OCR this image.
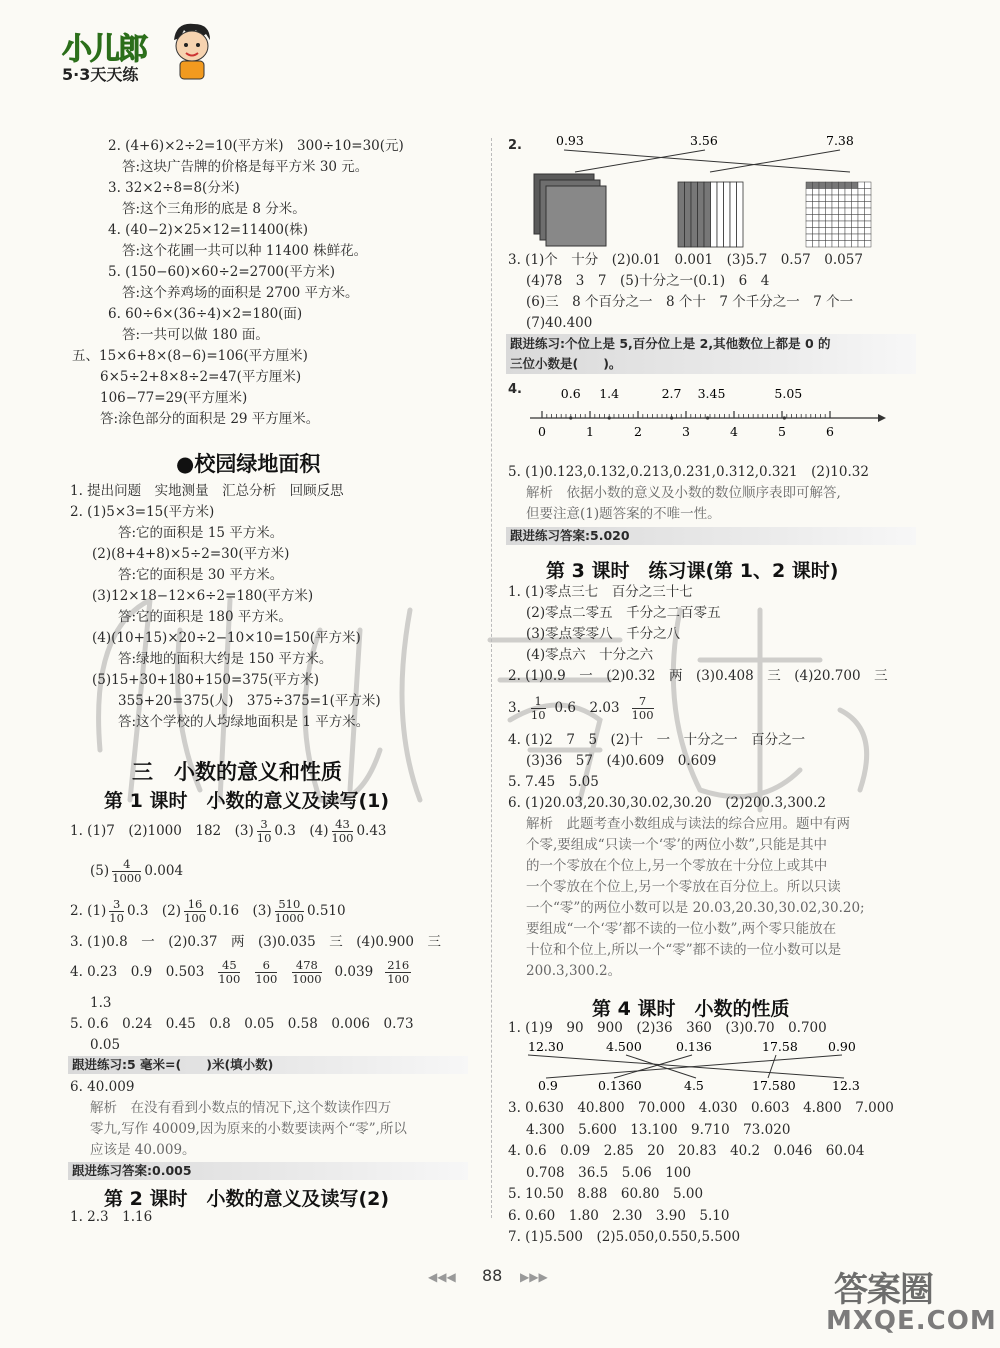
小儿郎
5·3天天练
●校园绿地面积
三　小数的意义和性质
第 1 课时　小数的意义及读写(1)
1. (1)7　(2)1000　182　$(3) \frac{3}{10} 0.3$　$(4) \frac{43}{100} 0.43$
$(5) \frac{4}{1000} 0.004$
2. $(1) \frac{3}{10} 0.3$　$(2) \frac{16}{100} 0.16$　$(3) \frac{510}{1000} 0.510$
3. (1)0.8　一　(2)0.37　两　(3)0.035　三　(4)0.900　三
4. 0.23　0.9　$0.503 \frac{45}{100} \frac{6}{100} \frac{478}{1000} 0.039 \frac{216}{100}$
1.3
5. 0.6　0.24　0.45　0.8　0.05　0.58　0.006　0.73
0.05
跟进练习:5 毫米=(　　)米(填小数)
6. 40.009
解析　在没有看到小数点的情况下,这个数读作四万
零九,写作 40009,因为原来的小数要读两个“零”,所以
应该是 40.009。
跟进练习答案:0.005
第 2 课时　小数的意义及读写(2)
1. 2.3　1.16
2.	0.93	3.56	7.38
3. (1)个　十分　(2)0.01　0.001　(3)5.7　0.57　0.057
(4)78　3　7　(5)十分之一(0.1)　6　4
(6)三　8 个百分之一　8 个十　7 个千分之一　7 个一
(7)40.400
跟进练习:个位上是 5,百分位上是 2,其他数位上都是 0 的
三位小数是(　　)。
4.
0	1	2	3	4	5	6
0.6 1.4	2.7 3.45	5.05
5. (1)0.123,0.132,0.213,0.231,0.312,0.321　(2)10.32
解析　依据小数的意义及小数的数位顺序表即可解答,
但要注意(1)题答案的不唯一性。
跟进练习答案:5.020
第 3 课时　练习课(第 1、2 课时)
1. (1)零点三七　百分之三十七
(2)零点二零五　千分之二百零五
(3)零点零零八　千分之八
(4)零点六　十分之六
2. (1)0.9　一　(2)0.32　两　(3)0.408　三　(4)20.700　三
3. $\frac{1}{10} 0.6$　$2.03 \frac{7}{100}$
第 4 课时　小数的性质
1. (1)9　90　900　(2)36　360　(3)0.70　0.700
12.30	4.500	0.136	17.58 0.90
0.9	0.1360	4.5	17.580	12.3
◀◀◀ 88 ▶▶▶	答案圈
MXQE.COM
2. (4+6)×2÷2=10(平方米)　300÷10=30(元)
答:这块广告牌的价格是每平方米 30 元。
3. 32×2÷8=8(分米)
答:这个三角形的底是 8 分米。
4. (40−2)×25×12=11400(株)
答:这个花圃一共可以种 11400 株鲜花。
5. (150−60)×60÷2=2700(平方米)
答:这个养鸡场的面积是 2700 平方米。
6. 60÷6×(36÷4)×2=180(面)
答:一共可以做 180 面。
五、15×6+8×(8−6)=106(平方厘米)
6×5÷2+8×8÷2=47(平方厘米)
106−77=29(平方厘米)
答:涂色部分的面积是 29 平方厘米。
1. 提出问题　实地测量　汇总分析　回顾反思
2. (1)5×3=15(平方米)
答:它的面积是 15 平方米。
(2)(8+4+8)×5÷2=30(平方米)
答:它的面积是 30 平方米。
(3)12×18−12×6÷2=180(平方米)
答:它的面积是 180 平方米。
(4)(10+15)×20÷2−10×10=150(平方米)
答:绿地的面积大约是 150 平方米。
(5)15+30+180+150=375(平方米)
355+20=375(人)　375÷375=1(平方米)
答:这个学校的人均绿地面积是 1 平方米。
4. (1)2　7　5　(2)十　一　十分之一　百分之一
(3)36　57　(4)0.609　0.609
5. 7.45　5.05
6. (1)20.03,20.30,30.02,30.20　(2)200.3,300.2
解析　此题考查小数组成与读法的综合应用。题中有两
个零,要组成“只读一个‘零’的两位小数”,只能是其中
的一个零放在个位上,另一个零放在十分位上或其中
一个零放在个位上,另一个零放在百分位上。所以只读
一个“零”的两位小数可以是 20.03,20.30,30.02,30.20;
要组成“一个‘零’都不读的一位小数”,两个零只能放在
十位和个位上,所以一个“零”都不读的一位小数可以是
200.3,300.2。
3. 0.630　40.800　70.000　4.030　0.603　4.800　7.000
4.300　5.600　13.100　9.710　73.020
4. 0.6　0.09　2.85　20　20.83　40.2　0.046　60.04
0.708　36.5　5.06　100
5. 10.50　8.88　60.80　5.00
6. 0.60　1.80　2.30　3.90　5.10
7. (1)5.500　(2)5.050,0.550,5.500
